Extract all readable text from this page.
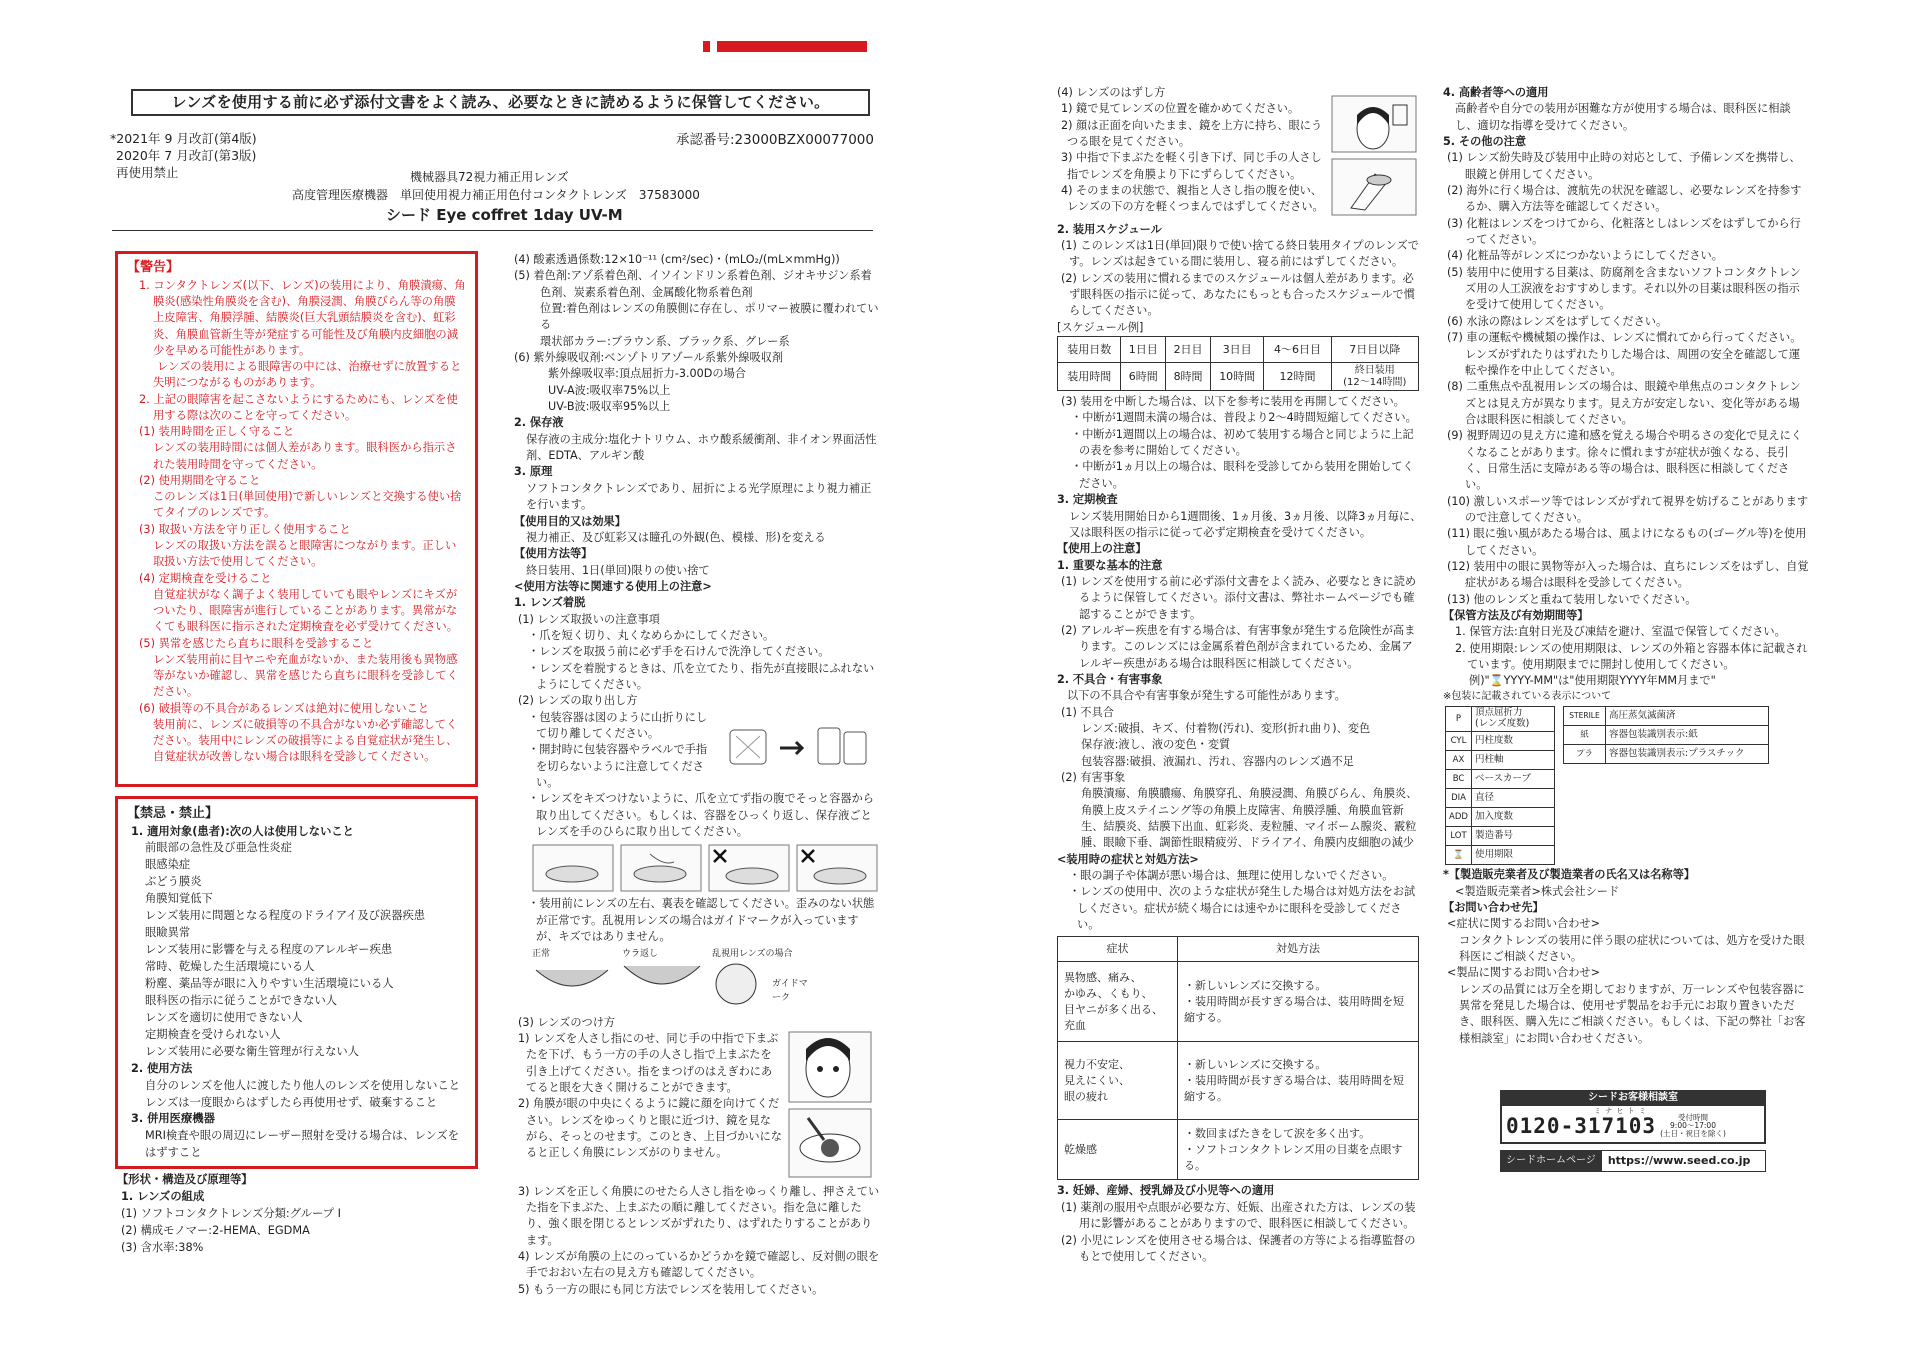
レンズを使用する前に必ず添付文書をよく読み、必要なときに読めるように保管してください。
*2021年 9 月改訂(第4版)
2020年 7 月改訂(第3版)
再使用禁止
承認番号:23000BZX00077000
機械器具72視力補正用レンズ
高度管理医療機器　単回使用視力補正用色付コンタクトレンズ　37583000
シード Eye coffret 1day UV-M
【警告】

1. コンタクトレンズ(以下、レンズ)の装用により、角膜潰瘍、角膜炎(感染性角膜炎を含む)、角膜浸潤、角膜びらん等の角膜上皮障害、角膜浮腫、結膜炎(巨大乳頭結膜炎を含む)、虹彩炎、角膜血管新生等が発症する可能性及び角膜内皮細胞の減少を早める可能性があります。

レンズの装用による眼障害の中には、治療せずに放置すると失明につながるものがあります。

2. 上記の眼障害を起こさないようにするためにも、レンズを使用する際は次のことを守ってください。

(1) 装用時間を正しく守ること

レンズの装用時間には個人差があります。眼科医から指示された装用時間を守ってください。

(2) 使用期間を守ること

このレンズは1日(単回使用)で新しいレンズと交換する使い捨てタイプのレンズです。

(3) 取扱い方法を守り正しく使用すること

レンズの取扱い方法を誤ると眼障害につながります。正しい取扱い方法で使用してください。

(4) 定期検査を受けること

自覚症状がなく調子よく装用していても眼やレンズにキズがついたり、眼障害が進行していることがあります。異常がなくても眼科医に指示された定期検査を必ず受けてください。

(5) 異常を感じたら直ちに眼科を受診すること

レンズ装用前に目ヤニや充血がないか、また装用後も異物感等がないか確認し、異常を感じたら直ちに眼科を受診してください。

(6) 破損等の不具合があるレンズは絶対に使用しないこと

装用前に、レンズに破損等の不具合がないか必ず確認してください。装用中にレンズの破損等による自覚症状が発生し、自覚症状が改善しない場合は眼科を受診してください。

【禁忌・禁止】

1. 適用対象(患者):次の人は使用しないこと

前眼部の急性及び亜急性炎症

眼感染症

ぶどう膜炎

角膜知覚低下

レンズ装用に問題となる程度のドライアイ及び涙器疾患

眼瞼異常

レンズ装用に影響を与える程度のアレルギー疾患

常時、乾燥した生活環境にいる人

粉塵、薬品等が眼に入りやすい生活環境にいる人

眼科医の指示に従うことができない人

レンズを適切に使用できない人

定期検査を受けられない人

レンズ装用に必要な衛生管理が行えない人

2. 使用方法

自分のレンズを他人に渡したり他人のレンズを使用しないこと

レンズは一度眼からはずしたら再使用せず、破棄すること

3. 併用医療機器

MRI検査や眼の周辺にレーザー照射を受ける場合は、レンズをはずすこと

【形状・構造及び原理等】

1. レンズの組成

(1) ソフトコンタクトレンズ分類:グループ I

(2) 構成モノマー:2-HEMA、EGDMA

(3) 含水率:38%

(4) 酸素透過係数:12×10⁻¹¹ (cm²/sec)・(mLO₂/(mL×mmHg))

(5) 着色剤:アゾ系着色剤、イソインドリン系着色剤、ジオキサジン系着色剤、炭素系着色剤、金属酸化物系着色剤

位置:着色剤はレンズの角膜側に存在し、ポリマー被膜に覆われている

環状部カラー:ブラウン系、ブラック系、グレー系

(6) 紫外線吸収剤:ベンゾトリアゾール系紫外線吸収剤

紫外線吸収率:頂点屈折力-3.00Dの場合

UV-A波:吸収率75%以上

UV-B波:吸収率95%以上

2. 保存液

保存液の主成分:塩化ナトリウム、ホウ酸系緩衝剤、非イオン界面活性剤、EDTA、アルギン酸

3. 原理

ソフトコンタクトレンズであり、屈折による光学原理により視力補正を行います。

【使用目的又は効果】

視力補正、及び虹彩又は瞳孔の外観(色、模様、形)を変える

【使用方法等】

終日装用、1日(単回)限りの使い捨て

<使用方法等に関連する使用上の注意>

1. レンズ着脱

(1) レンズ取扱いの注意事項

・爪を短く切り、丸くなめらかにしてください。

・レンズを取扱う前に必ず手を石けんで洗浄してください。

・レンズを着脱するときは、爪を立てたり、指先が直接眼にふれないようにしてください。

(2) レンズの取り出し方

・包装容器は図のように山折りにして切り離してください。

・開封時に包装容器やラベルで手指を切らないように注意してください。

・レンズをキズつけないように、爪を立てず指の腹でそっと容器から取り出してください。もしくは、容器をひっくり返し、保存液ごとレンズを手のひらに取り出してください。

・装用前にレンズの左右、裏表を確認してください。歪みのない状態が正常です。乱視用レンズの場合はガイドマークが入っていますが、キズではありません。

正常	ウラ返し	乱視用レンズの場合
ガイドマーク

(3) レンズのつけ方

1) レンズを人さし指にのせ、同じ手の中指で下まぶたを下げ、もう一方の手の人さし指で上まぶたを引き上げてください。指をまつげのはえぎわにあてると眼を大きく開けることができます。

2) 角膜が眼の中央にくるように鏡に顔を向けてください。レンズをゆっくりと眼に近づけ、鏡を見ながら、そっとのせます。このとき、上目づかいになると正しく角膜にレンズがのりません。

3) レンズを正しく角膜にのせたら人さし指をゆっくり離し、押さえていた指を下まぶた、上まぶたの順に離してください。指を急に離したり、強く眼を閉じるとレンズがずれたり、はずれたりすることがあります。

4) レンズが角膜の上にのっているかどうかを鏡で確認し、反対側の眼を手でおおい左右の見え方も確認してください。

5) もう一方の眼にも同じ方法でレンズを装用してください。

(4) レンズのはずし方

1) 鏡で見てレンズの位置を確かめてください。

2) 顔は正面を向いたまま、鏡を上方に持ち、眼にうつる眼を見てください。

3) 中指で下まぶたを軽く引き下げ、同じ手の人さし指でレンズを角膜より下にずらしてください。

4) そのままの状態で、親指と人さし指の腹を使い、レンズの下の方を軽くつまんではずしてください。

2. 装用スケジュール

(1) このレンズは1日(単回)限りで使い捨てる終日装用タイプのレンズです。レンズは起きている間に装用し、寝る前にはずしてください。

(2) レンズの装用に慣れるまでのスケジュールは個人差があります。必ず眼科医の指示に従って、あなたにもっとも合ったスケジュールで慣らしてください。

[スケジュール例]

装用日数	1日目	2日目	3日目	4〜6日目	7日目以降
装用時間	6時間	8時間	10時間	12時間	終日装用
(12〜14時間)

(3) 装用を中断した場合は、以下を参考に装用を再開してください。

・中断が1週間未満の場合は、普段より2〜4時間短縮してください。

・中断が1週間以上の場合は、初めて装用する場合と同じように上記の表を参考に開始してください。

・中断が1ヵ月以上の場合は、眼科を受診してから装用を開始してください。

3. 定期検査

レンズ装用開始日から1週間後、1ヵ月後、3ヵ月後、以降3ヵ月毎に、又は眼科医の指示に従って必ず定期検査を受けてください。

【使用上の注意】

1. 重要な基本的注意

(1) レンズを使用する前に必ず添付文書をよく読み、必要なときに読めるように保管してください。添付文書は、弊社ホームページでも確認することができます。

(2) アレルギー疾患を有する場合は、有害事象が発生する危険性が高まります。このレンズには金属系着色剤が含まれているため、金属アレルギー疾患がある場合は眼科医に相談してください。

2. 不具合・有害事象

以下の不具合や有害事象が発生する可能性があります。

(1) 不具合

レンズ:破損、キズ、付着物(汚れ)、変形(折れ曲り)、変色

保存液:液し、液の変色・変質

包装容器:破損、液漏れ、汚れ、容器内のレンズ過不足

(2) 有害事象

角膜潰瘍、角膜膿瘍、角膜穿孔、角膜浸潤、角膜びらん、角膜炎、角膜上皮ステイニング等の角膜上皮障害、角膜浮腫、角膜血管新生、結膜炎、結膜下出血、虹彩炎、麦粒腫、マイボーム腺炎、霰粒腫、眼瞼下垂、調節性眼精疲労、ドライアイ、角膜内皮細胞の減少

<装用時の症状と対処方法>

・眼の調子や体調が悪い場合は、無理に使用しないでください。

・レンズの使用中、次のような症状が発生した場合は対処方法をお試しください。症状が続く場合には速やかに眼科を受診してください。

症状	対処方法
異物感、痛み、
かゆみ、くもり、
目ヤニが多く出る、
充血	・新しいレンズに交換する。
・装用時間が長すぎる場合は、装用時間を短縮する。
視力不安定、
見えにくい、
眼の疲れ	・新しいレンズに交換する。
・装用時間が長すぎる場合は、装用時間を短縮する。
乾燥感	・数回まばたきをして涙を多く出す。
・ソフトコンタクトレンズ用の目薬を点眼する。

3. 妊婦、産婦、授乳婦及び小児等への適用

(1) 薬剤の服用や点眼が必要な方、妊娠、出産された方は、レンズの装用に影響があることがありますので、眼科医に相談してください。

(2) 小児にレンズを使用させる場合は、保護者の方等による指導監督のもとで使用してください。

4. 高齢者等への適用

高齢者や自分での装用が困難な方が使用する場合は、眼科医に相談し、適切な指導を受けてください。

5. その他の注意

(1) レンズ紛失時及び装用中止時の対応として、予備レンズを携帯し、眼鏡と併用してください。

(2) 海外に行く場合は、渡航先の状況を確認し、必要なレンズを持参するか、購入方法等を確認してください。

(3) 化粧はレンズをつけてから、化粧落としはレンズをはずしてから行ってください。

(4) 化粧品等がレンズにつかないようにしてください。

(5) 装用中に使用する目薬は、防腐剤を含まないソフトコンタクトレンズ用の人工涙液をおすすめします。それ以外の目薬は眼科医の指示を受けて使用してください。

(6) 水泳の際はレンズをはずしてください。

(7) 車の運転や機械類の操作は、レンズに慣れてから行ってください。レンズがずれたりはずれたりした場合は、周囲の安全を確認して運転や操作を中止してください。

(8) 二重焦点や乱視用レンズの場合は、眼鏡や単焦点のコンタクトレンズとは見え方が異なります。見え方が安定しない、変化等がある場合は眼科医に相談してください。

(9) 視野周辺の見え方に違和感を覚える場合や明るさの変化で見えにくくなることがあります。徐々に慣れますが症状が強くなる、長引く、日常生活に支障がある等の場合は、眼科医に相談してください。

(10) 激しいスポーツ等ではレンズがずれて視界を妨げることがありますので注意してください。

(11) 眼に強い風があたる場合は、風よけになるもの(ゴーグル等)を使用してください。

(12) 装用中の眼に異物等が入った場合は、直ちにレンズをはずし、自覚症状がある場合は眼科を受診してください。

(13) 他のレンズと重ねて装用しないでください。

【保管方法及び有効期間等】

1. 保管方法:直射日光及び凍結を避け、室温で保管してください。

2. 使用期限:レンズの使用期限は、レンズの外箱と容器本体に記載されています。使用期限までに開封し使用してください。

例)"⌛YYYY-MM"は"使用期限YYYY年MM月まで"

※包装に記載されている表示について

P	頂点屈折力
(レンズ度数)
CYL	円柱度数
AX	円柱軸
BC	ベースカーブ
DIA	直径
ADD	加入度数
LOT	製造番号
⌛	使用期限
STERILE	高圧蒸気滅菌済
紙	容器包装識別表示:紙
プラ	容器包装識別表示:プラスチック

*【製造販売業者及び製造業者の氏名又は名称等】

<製造販売業者>株式会社シード

【お問い合わせ先】

<症状に関するお問い合わせ>

コンタクトレンズの装用に伴う眼の症状については、処方を受けた眼科医にご相談ください。

<製品に関するお問い合わせ>

レンズの品質には万全を期しておりますが、万一レンズや包装容器に異常を発見した場合は、使用せず製品をお手元にお取り置きいただき、眼科医、購入先にご相談ください。もしくは、下記の弊社「お客様相談室」にお問い合わせください。

シードお客様相談室
ミ ナ ヒ ト ミ
0120-317103	受付時間
9:00〜17:00
(土日・祝日を除く)
シードホームページ	https://www.seed.co.jp
